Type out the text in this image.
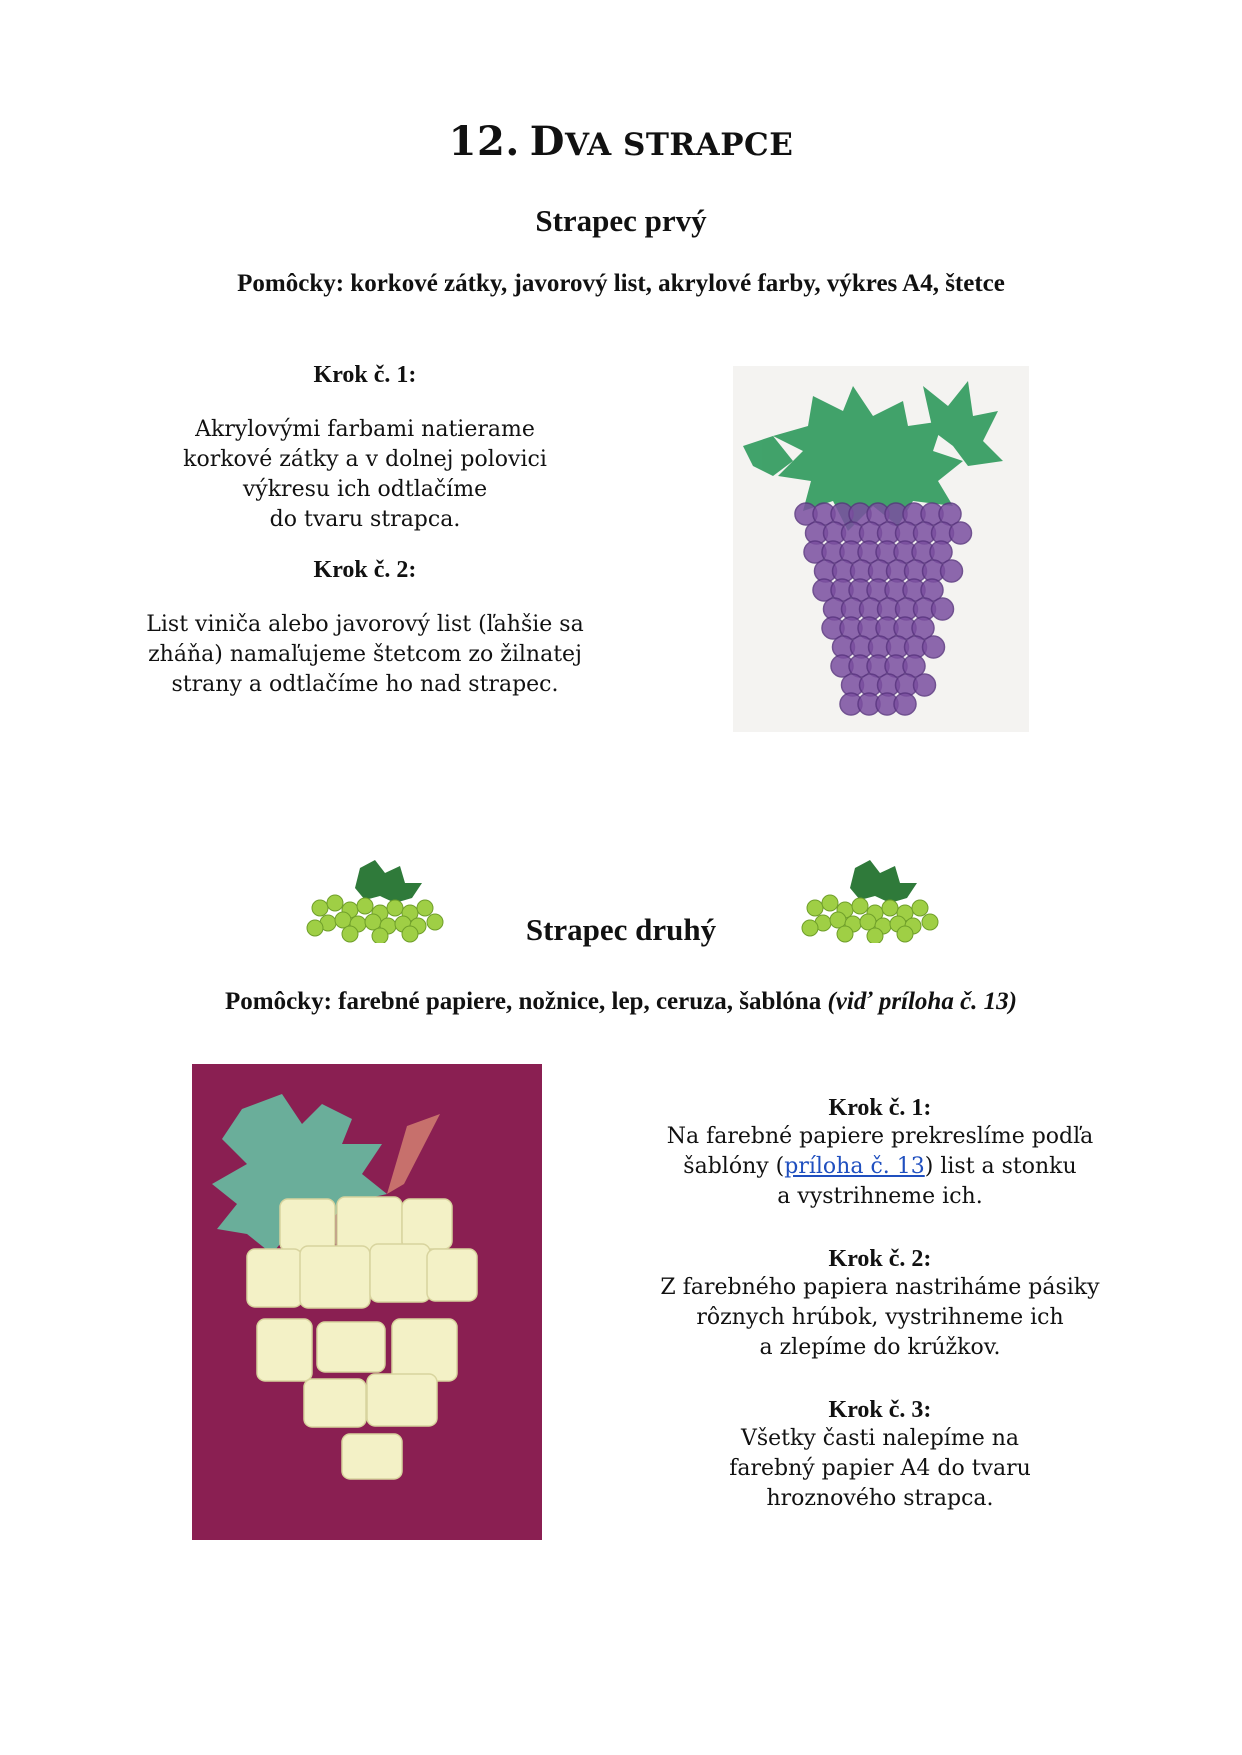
12. DVA STRAPCE
Strapec prvý
Pomôcky: korkové zátky, javorový list, akrylové farby, výkres A4, štetce
Krok č. 1:
Akrylovými farbami natierame
korkové zátky a v dolnej polovici
výkresu ich odtlačíme
do tvaru strapca.
Krok č. 2:
List viniča alebo javorový list (ľahšie sa
zháňa) namaľujeme štetcom zo žilnatej
strany a odtlačíme ho nad strapec.
Strapec druhý
Pomôcky: farebné papiere, nožnice, lep, ceruza, šablóna (viď príloha č. 13)
Krok č. 1:
Na farebné papiere prekreslíme podľa
šablóny (príloha č. 13) list a stonku
a vystrihneme ich.
Krok č. 2:
Z farebného papiera nastriháme pásiky
rôznych hrúbok, vystrihneme ich
a zlepíme do krúžkov.
Krok č. 3:
Všetky časti nalepíme na
farebný papier A4 do tvaru
hroznového strapca.
